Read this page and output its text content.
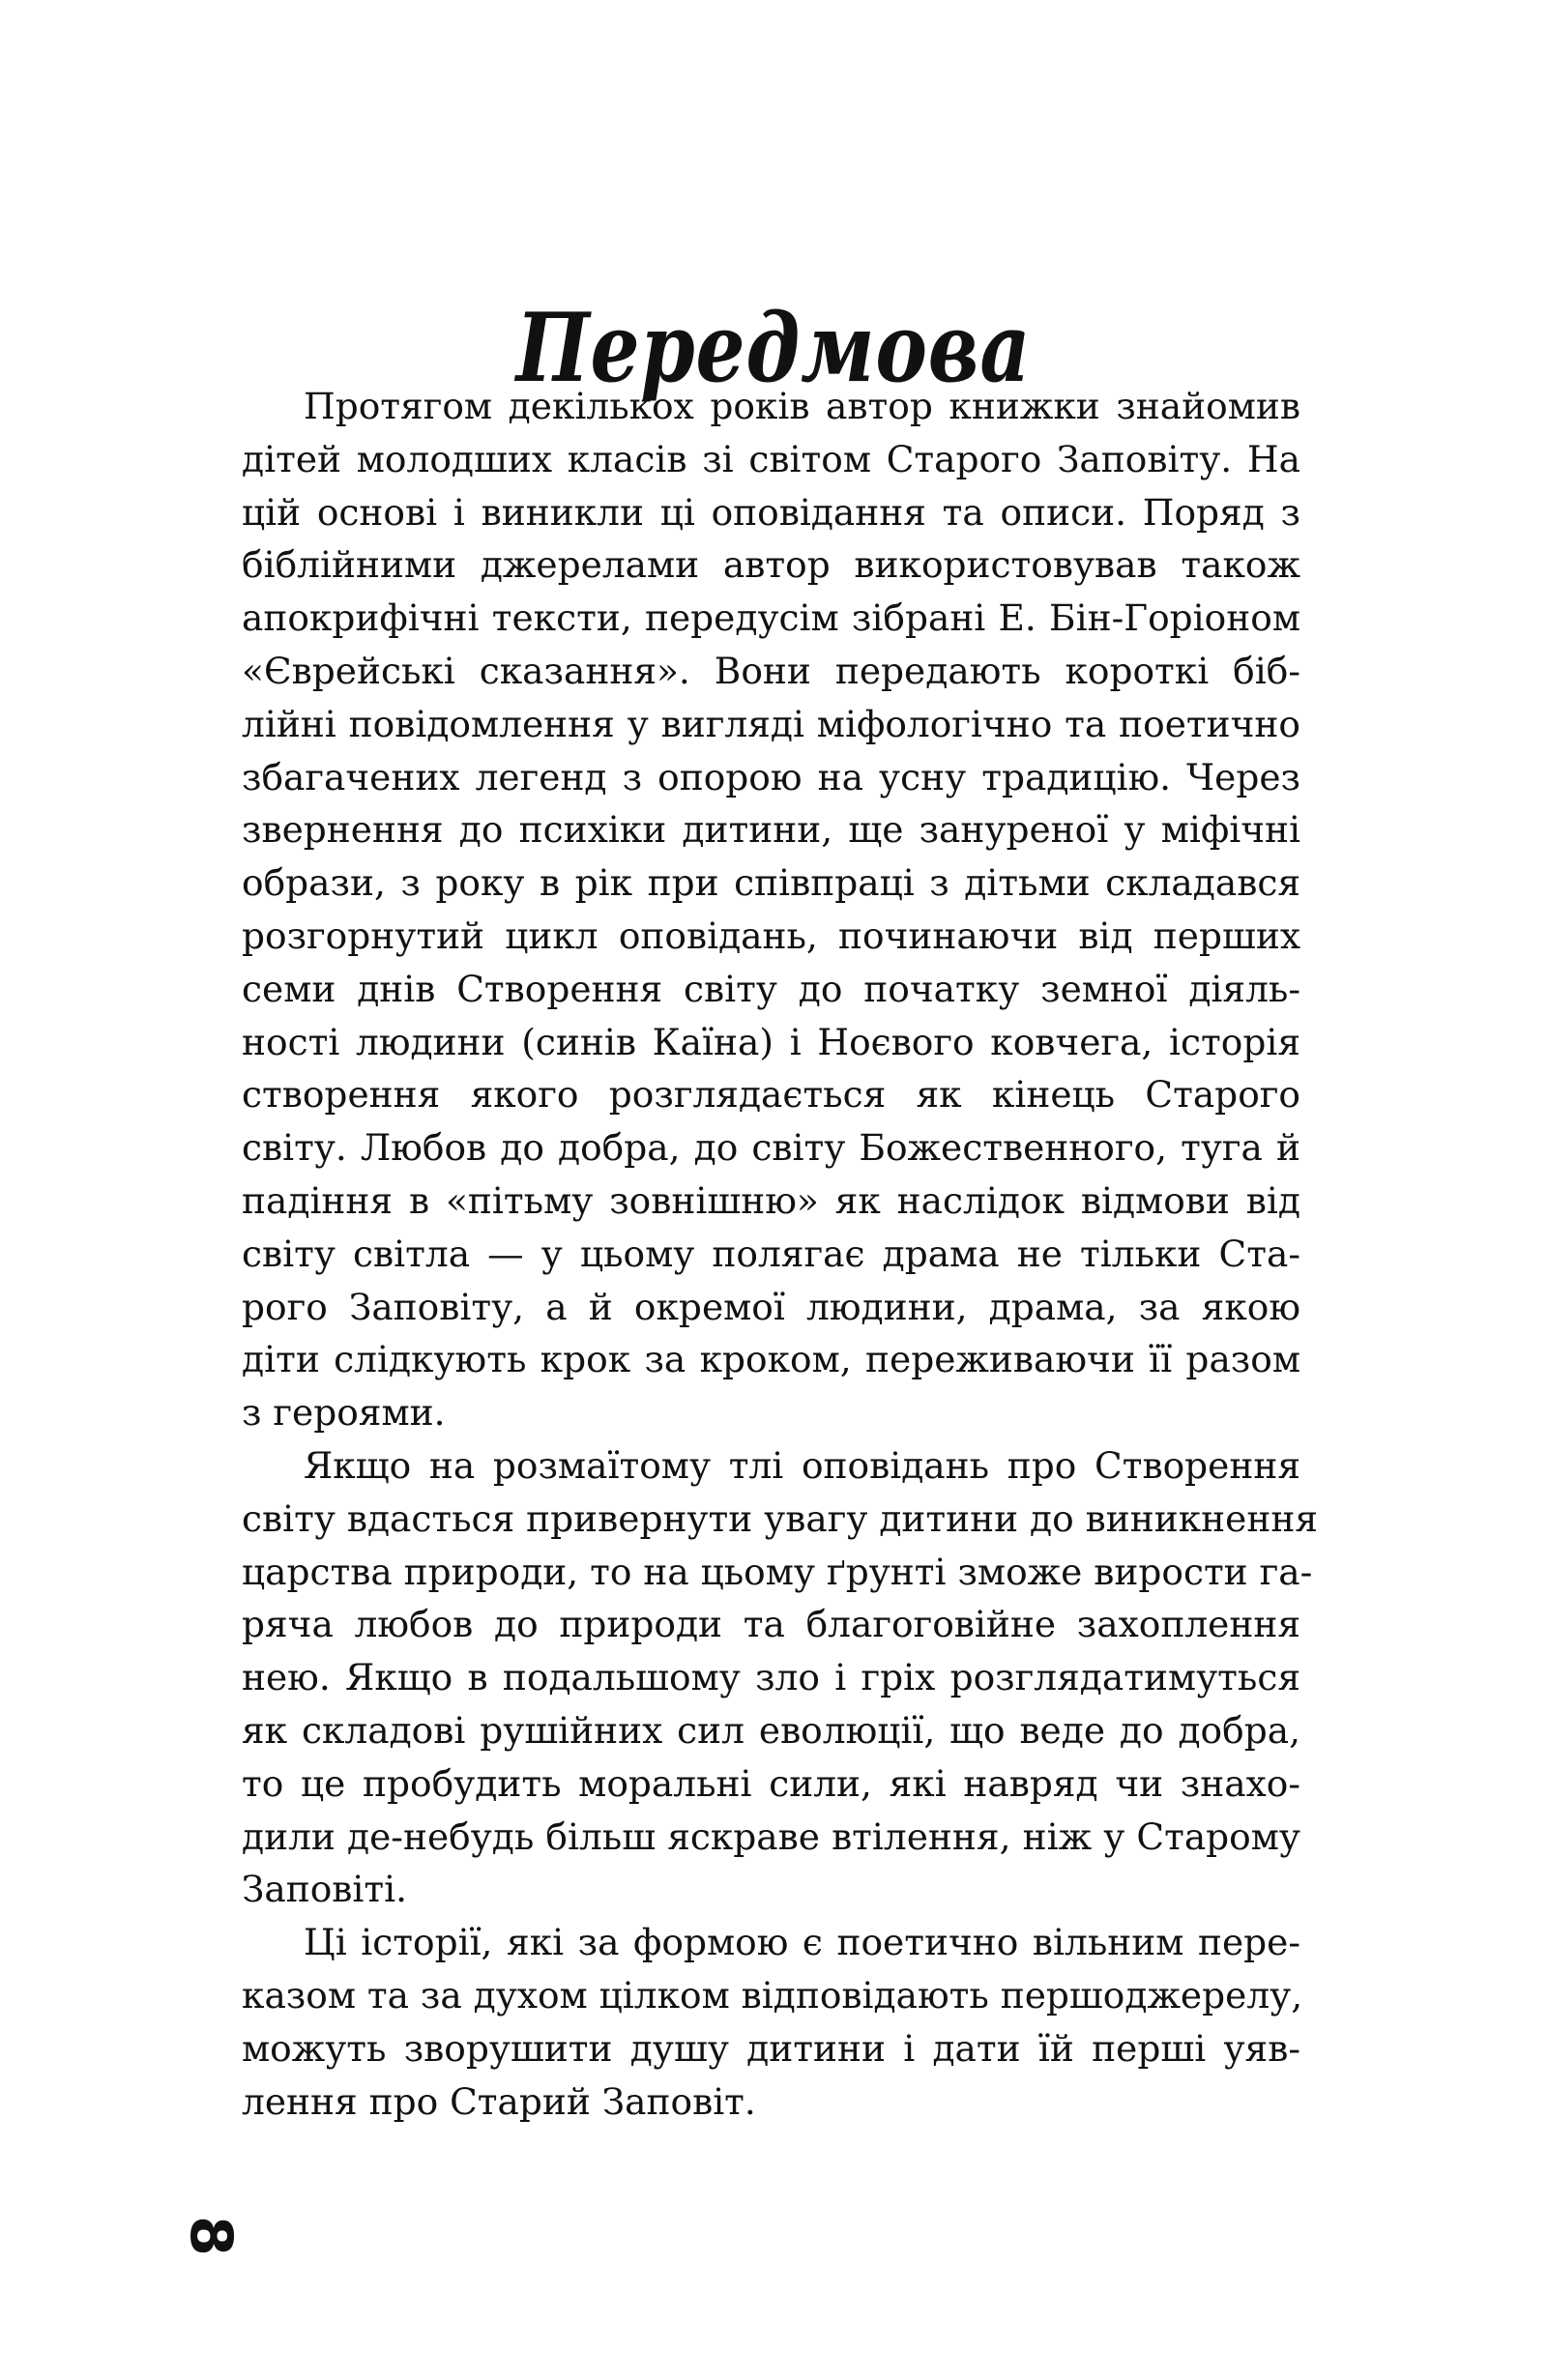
Передмова
Протягом декількох років автор книжки знайомив
дітей молодших класів зі світом Старого Заповіту. На
цій основі і виникли ці оповідання та описи. Поряд з
біблійними джерелами автор використовував також
апокрифічні тексти, передусім зібрані Е. Бін-Горіоном
«Єврейські сказання». Вони передають короткі біб-
лійні повідомлення у вигляді міфологічно та поетично
збагачених легенд з опорою на усну традицію. Через
звернення до психіки дитини, ще зануреної у міфічні
образи, з року в рік при співпраці з дітьми складався
розгорнутий цикл оповідань, починаючи від перших
семи днів Створення світу до початку земної діяль-
ності людини (синів Каїна) і Ноєвого ковчега, історія
створення якого розглядається як кінець Старого
світу. Любов до добра, до світу Божественного, туга й
падіння в «пітьму зовнішню» як наслідок відмови від
світу світла — у цьому полягає драма не тільки Ста-
рого Заповіту, а й окремої людини, драма, за якою
діти слідкують крок за кроком, переживаючи її разом
з героями.
Якщо на розмаїтому тлі оповідань про Створення
світу вдасться привернути увагу дитини до виникнення
царства природи, то на цьому ґрунті зможе вирости га-
ряча любов до природи та благоговійне захоплення
нею. Якщо в подальшому зло і гріх розглядатимуться
як складові рушійних сил еволюції, що веде до добра,
то це пробудить моральні сили, які навряд чи знахо-
дили де-небудь більш яскраве втілення, ніж у Старому
Заповіті.
Ці історії, які за формою є поетично вільним пере-
казом та за духом цілком відповідають першоджерелу,
можуть зворушити душу дитини і дати їй перші уяв-
лення про Старий Заповіт.
8
